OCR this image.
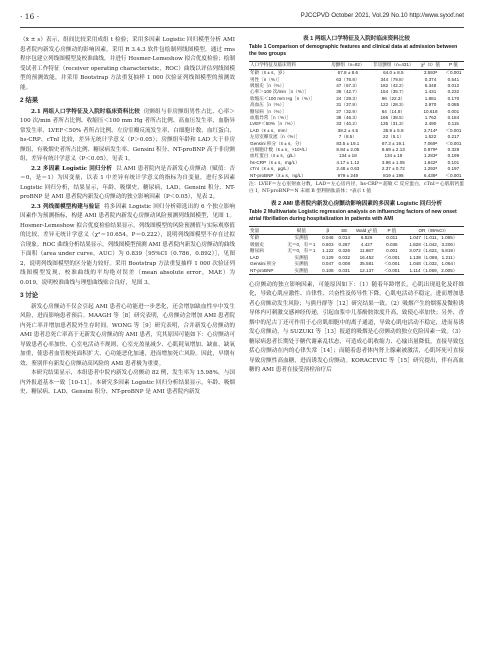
· 16 ·	PJCCPVD October 2021, Vol.29 No.10 http://www.syxxf.net

（x̄ ± s）表示，组间比较采用成组 t 检验；采用多因素 Logistic 回归模型分析 AMI 患者院内新发心房颤动的影响因素。采用 R 3.4.3 软件包绘制列线图模型，通过 rms 程序包建立列线图模型及校准曲线，并进行 Hosmer-Lemeshow 拟合优度检验；绘制受试者工作特征（receiver operating characteristic，ROC）曲线以评估列线图模型的预测效能，并采用 Bootstrap 方法重复抽样 1 000 次验证列线图模型的预测效能。

2 结果

2.1 两组人口学特征及入院时临床资料比较 房颤组与非房颤组男性占比、心率＞100 次/min 者所占比例、收缩压＜100 mm Hg 者所占比例、高血压发生率、血脂异常发生率、LVEF＜50% 者所占比例、左房室瓣反流发生率、白细胞计数、血红蛋白、hs-CRP、cTnI 比较，差异无统计学意义（P＞0.05）；房颤组年龄和 LAD 大于非房颤组，有吸烟史者所占比例、糖尿病发生率、Gensini 积分、NT-proBNP 高于非房颤组，差异有统计学意义（P＜0.05），见表 1。

2.2 多因素 Logistic 回归分析 以 AMI 患者院内是否新发心房颤动（赋值：否＝0，是＝1）为因变量，以表 1 中差异有统计学意义的指标为自变量，进行多因素 Logistic 回归分析，结果显示，年龄、吸烟史、糖尿病、LAD、Gensini 积分、NT-proBNP 是 AMI 患者院内新发心房颤动的独立影响因素（P＜0.05），见表 2。

2.3 列线图模型构建与验证 将多因素 Logistic 回归分析筛选出的 6 个独立影响因素作为预测指标，构建 AMI 患者院内新发心房颤动风险预测列线图模型，见图 1。Hosmer-Lemeshow 拟合优度检验结果显示，列线图模型的风险预测值与实际观察值的比较，差异无统计学意义（χ²＝10.654，P＝0.222），说明列线图模型不存在过拟合现象。ROC 曲线分析结果显示，列线图模型预测 AMI 患者院内新发心房颤动的曲线下面积（area under curve，AUC）为 0.839［95%CI（0.786，0.892）］，见图 2，说明列线图模型的区分能力较好。采用 Bootstrap 方法重复抽样 1 000 次验证列线图模型发现，校准曲线的平均绝对误差（mean absolute error，MAE）为 0.019，说明校准曲线与理想曲线贴合良好，见图 3。

3 讨论

新发心房颤动不仅会引起 AMI 患者心功能进一步恶化，还会增加缺血性卒中发生风险，进而影响患者预后。MAAGH 等［8］研究表明，心房颤动会增加 AMI 患者院内死亡率并增加患者院外生存时间。WONG 等［9］研究表明，合并新发心房颤动的 AMI 患者总死亡率高于无新发心房颤动的 AMI 患者，究其原因可能如下：心房颤动可导致患者心率加快、心室电活动不规则、心室充盈量减少、心肌耗氧增加、缺血、缺氧加重，使患者血管梗死面积扩大、心功能恶化加速，进而增加死亡风险。因此，早期有效、鉴别伴有新发心房颤动高风险的 AMI 患者极为重要。

本研究结果显示，本组患者中院内新发心房颤动 82 例，发生率为 15.98%，与国内外报道基本一致［10-11］。本研究多因素 Logistic 回归分析结果显示，年龄、吸烟史、糖尿病、LAD、Gensini 积分、NT-proBNP 是 AMI 患者院内新发

表 1 两组人口学特征及入院时临床资料比较
Table 1 Comparison of demographic features and clinical data at admission between the two groups
人口学特征及临床资料	房颤组（n=82）	非房颤组（n=431）	χ²（t）值	P 值
年龄（x̄ ± s，岁）	67.8 ± 8.6	64.0 ± 8.5	3.593ᵃ	＜0.001
男性［n（%）］	63（76.8）	344（79.8）	0.374	0.541
吸烟史［n（%）］	47（57.3）	182（42.2）	6.348	0.012
心率＞100 次/min［n（%）］	35（42.7）	154（35.7）	1.431	0.232
收缩压＜100 mm Hg［n（%）］	24（29.3）	96（22.3）	1.881	0.170
高血压［n（%）］	31（37.8）	122（28.3）	2.970	0.085
糖尿病［n（%）］	27（32.9）	64（14.8）	10.618	0.001
血脂异常［n（%）］	38（46.3）	166（38.5）	1.762	0.184
LVEF＜50%［n（%）］	33（40.2）	135（31.3）	2.490	0.115
LAD（x̄ ± s，mm）	38.2 ± 4.5	35.9 ± 5.8	3.714ᵃ	＜0.001
左房室瓣反流［n（%）］	7（8.5）	22（5.1）	1.522	0.217
Gensini 积分（x̄ ± s，分）	83.5 ± 19.1	67.3 ± 19.1	7.069ᵃ	＜0.001
白细胞计数（x̄ ± s，×10⁹/L）	8.94 ± 2.05	8.69 ± 2.13	0.979ᵃ	0.328
血红蛋白（x̄ ± s，g/L）	134 ± 18	134 ± 19	1.283ᵃ	0.199
hs-CRP（x̄ ± s，mg/L）	4.17 ± 1.12	3.96 ± 1.05	1.642ᵃ	0.101
cTnI（x̄ ± s，μg/L）	2.48 ± 0.63	2.37 ± 0.72	1.292ᵃ	0.197
NT-proBNP（x̄ ± s，ng/L）	979 ± 249	819 ± 198	6.438ᵃ	＜0.001
注：LVEF＝左心室射血分数，LAD＝左心房内径，hs-CRP＝超敏 C 反应蛋白，cTnI＝心肌肌钙蛋白 I，NT-proBNP＝N 末端 B 型利钠肽前体；ᵃ表示 t 值
表 2 AMI 患者院内新发心房颤动影响因素的多因素 Logistic 回归分析
Table 2 Multivariate Logistic regression analysis on influencing factors of new onset atrial fibrillation during hospitalization in patients with AMI
变量	赋值	β	SE	Wald χ² 值	P 值	OR（95%CI）
年龄	实测值	0.046	0.014	6.526	0.011	1.047（1.011，1.085）
吸烟史	无＝0，有＝1	0.603	0.287	4.427	0.035	1.828（1.042，3.206）
糖尿病	无＝0，有＝1	1.122	0.326	11.867	0.001	3.072（1.622，5.819）
LAD	实测值	0.129	0.032	16.452	＜0.001	1.138（1.069，1.211）
Gensini 积分	实测值	0.047	0.008	35.581	＜0.001	1.048（1.032，1.064）
NT-proBNP	实测值	0.108	0.031	12.137	＜0.001	1.114（1.069，2.005）

心房颤动的独立影响因素，可能原因如下：（1）随着年龄增长，心肌出现退化及纤维化，导致心肌应激性、自律性、兴奋性及传导性下降，心肌电活动不稳定，进而增加患者心房颤动发生风险；与熊丹群等［12］研究结果一致。（2）吸烟产生的烟雾及微粒诱导体内可刺激交感神经传递，引起血浆中儿茶酚胺浓度升高，致使心率加快；另外，香烟中的尼古丁还可作用于心房肌细胞中的离子通道，导致心肌电活动不稳定，进而易诱发心房颤动，与 SUZUKI 等［13］报道的吸烟是心房颤动的独立危险因素一致。（3）糖尿病患者长期处于糖代谢紊乱状态，可造成心肌收缩力、心输出量降低，直接导致包括心房颤动在内的心律失常［14］；而随着患者体内肾上腺素被激活，心肌坏死可直接导致房颤性高血糖，进而诱发心房颤动。KORACEVIC 等［15］研究提出，伴有高血糖的 AMI 患者在接受溶栓治疗后
